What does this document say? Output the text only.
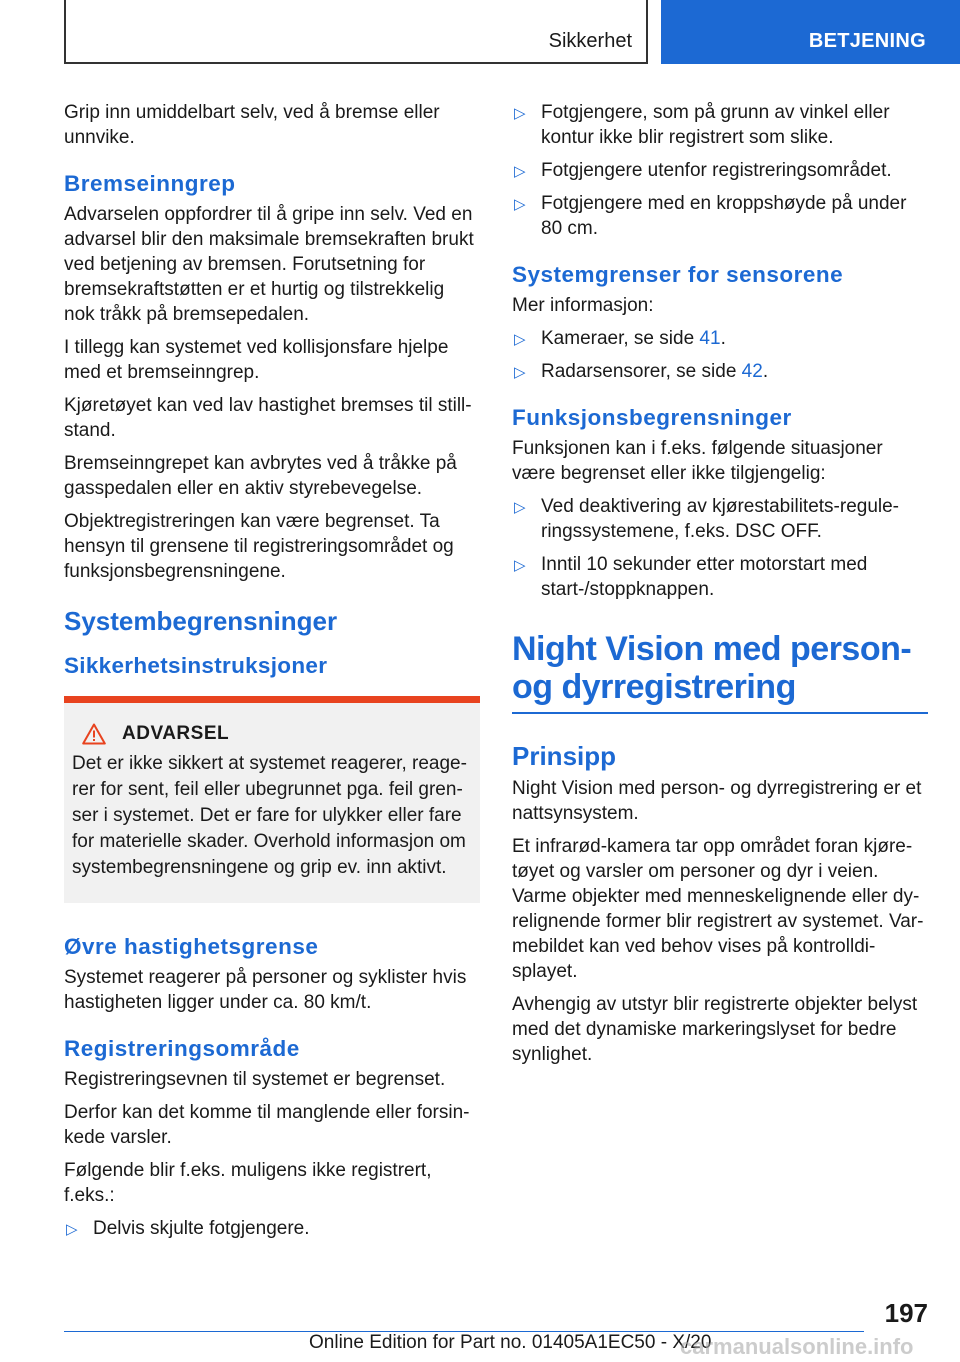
Sikkerhet	BETJENING

Grip inn umiddelbart selv, ved å bremse eller unnvike.

Bremseinngrep

Advarselen oppfordrer til å gripe inn selv. Ved en advarsel blir den maksimale bremsekraften brukt ved betjening av bremsen. Forutsetning for bremsekraftstøtten er et hurtig og tilstrekkelig nok tråkk på bremsepedalen.

I tillegg kan systemet ved kollisjonsfare hjelpe med et bremseinngrep.

Kjøretøyet kan ved lav hastighet bremses til still-stand.

Bremseinngrepet kan avbrytes ved å tråkke på gasspedalen eller en aktiv styrebevegelse.

Objektregistreringen kan være begrenset. Ta hensyn til grensene til registreringsområdet og funksjonsbegrensningene.

Systembegrensninger
Sikkerhetsinstruksjoner
ADVARSEL

Det er ikke sikkert at systemet reagerer, reage-rer for sent, feil eller ubegrunnet pga. feil gren-ser i systemet. Det er fare for ulykker eller fare for materielle skader. Overhold informasjon om systembegrensningene og grip ev. inn aktivt.

Øvre hastighetsgrense

Systemet reagerer på personer og syklister hvis hastigheten ligger under ca. 80 km/t.

Registreringsområde

Registreringsevnen til systemet er begrenset.

Derfor kan det komme til manglende eller forsin-kede varsler.

Følgende blir f.eks. muligens ikke registrert, f.eks.:

▷ Delvis skjulte fotgjengere.
▷ Fotgjengere, som på grunn av vinkel eller kontur ikke blir registrert som slike.
▷ Fotgjengere utenfor registreringsområdet.
▷ Fotgjengere med en kroppshøyde på under 80 cm.
Systemgrenser for sensorene

Mer informasjon:

▷ Kameraer, se side 41.
▷ Radarsensorer, se side 42.
Funksjonsbegrensninger

Funksjonen kan i f.eks. følgende situasjoner være begrenset eller ikke tilgjengelig:

▷ Ved deaktivering av kjørestabilitets-regule-ringssystemene, f.eks. DSC OFF.
▷ Inntil 10 sekunder etter motorstart med start-/stoppknappen.
Night Vision med person-og dyrregistrering
Prinsipp

Night Vision med person- og dyrregistrering er et nattsynsystem.

Et infrarød-kamera tar opp området foran kjøre-tøyet og varsler om personer og dyr i veien. Varme objekter med menneskelignende eller dy-relignende former blir registrert av systemet. Var-mebildet kan ved behov vises på kontrolldi-splayet.

Avhengig av utstyr blir registrerte objekter belyst med det dynamiske markeringslyset for bedre synlighet.

197
Online Edition for Part no. 01405A1EC50 - X/20
carmanualsonline.info
